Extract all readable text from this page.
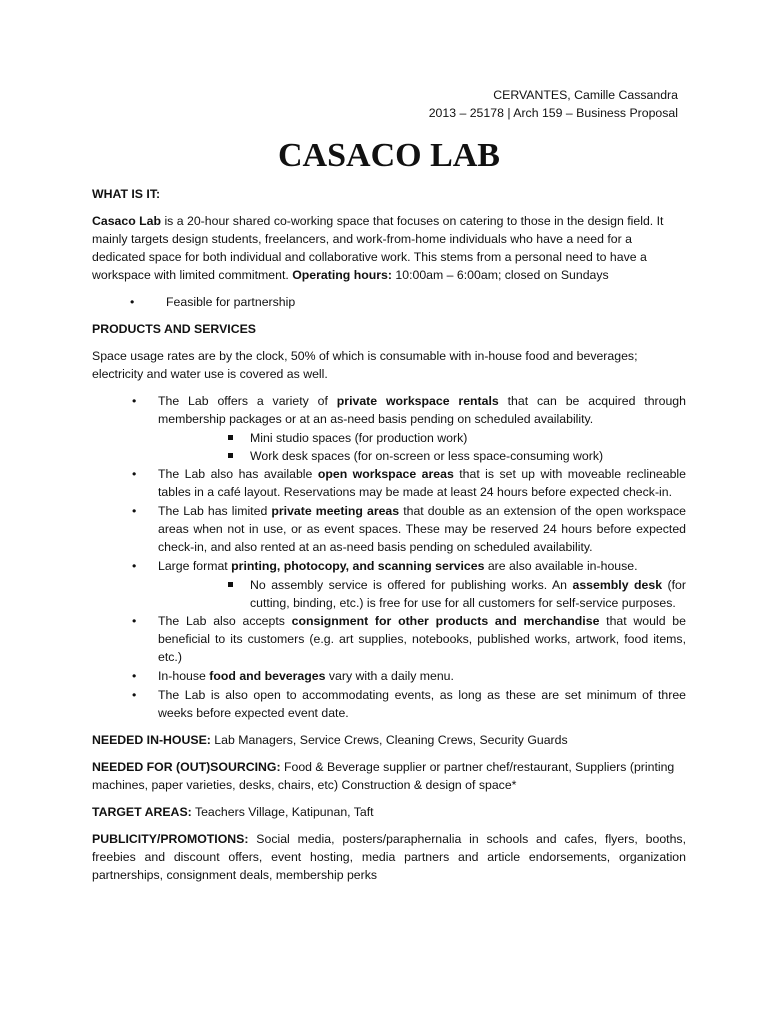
CERVANTES, Camille Cassandra
2013 – 25178 | Arch 159 – Business Proposal
CASACO LAB
WHAT IS IT:

Casaco Lab is a 20-hour shared co-working space that focuses on catering to those in the design field. It mainly targets design students, freelancers, and work-from-home individuals who have a need for a dedicated space for both individual and collaborative work. This stems from a personal need to have a workspace with limited commitment. Operating hours: 10:00am – 6:00am; closed on Sundays

• Feasible for partnership
PRODUCTS AND SERVICES

Space usage rates are by the clock, 50% of which is consumable with in-house food and beverages; electricity and water use is covered as well.

• The Lab offers a variety of private workspace rentals that can be acquired through membership packages or at an as-need basis pending on scheduled availability.
Mini studio spaces (for production work)
Work desk spaces (for on-screen or less space-consuming work)
• The Lab also has available open workspace areas that is set up with moveable reclineable tables in a café layout. Reservations may be made at least 24 hours before expected check-in.
• The Lab has limited private meeting areas that double as an extension of the open workspace areas when not in use, or as event spaces. These may be reserved 24 hours before expected check-in, and also rented at an as-need basis pending on scheduled availability.
• Large format printing, photocopy, and scanning services are also available in-house.
No assembly service is offered for publishing works. An assembly desk (for cutting, binding, etc.) is free for use for all customers for self-service purposes.
• The Lab also accepts consignment for other products and merchandise that would be beneficial to its customers (e.g. art supplies, notebooks, published works, artwork, food items, etc.)
• In-house food and beverages vary with a daily menu.
• The Lab is also open to accommodating events, as long as these are set minimum of three weeks before expected event date.

NEEDED IN-HOUSE: Lab Managers, Service Crews, Cleaning Crews, Security Guards

NEEDED FOR (OUT)SOURCING: Food & Beverage supplier or partner chef/restaurant, Suppliers (printing machines, paper varieties, desks, chairs, etc) Construction & design of space*

TARGET AREAS: Teachers Village, Katipunan, Taft

PUBLICITY/PROMOTIONS: Social media, posters/paraphernalia in schools and cafes, flyers, booths, freebies and discount offers, event hosting, media partners and article endorsements, organization partnerships, consignment deals, membership perks
